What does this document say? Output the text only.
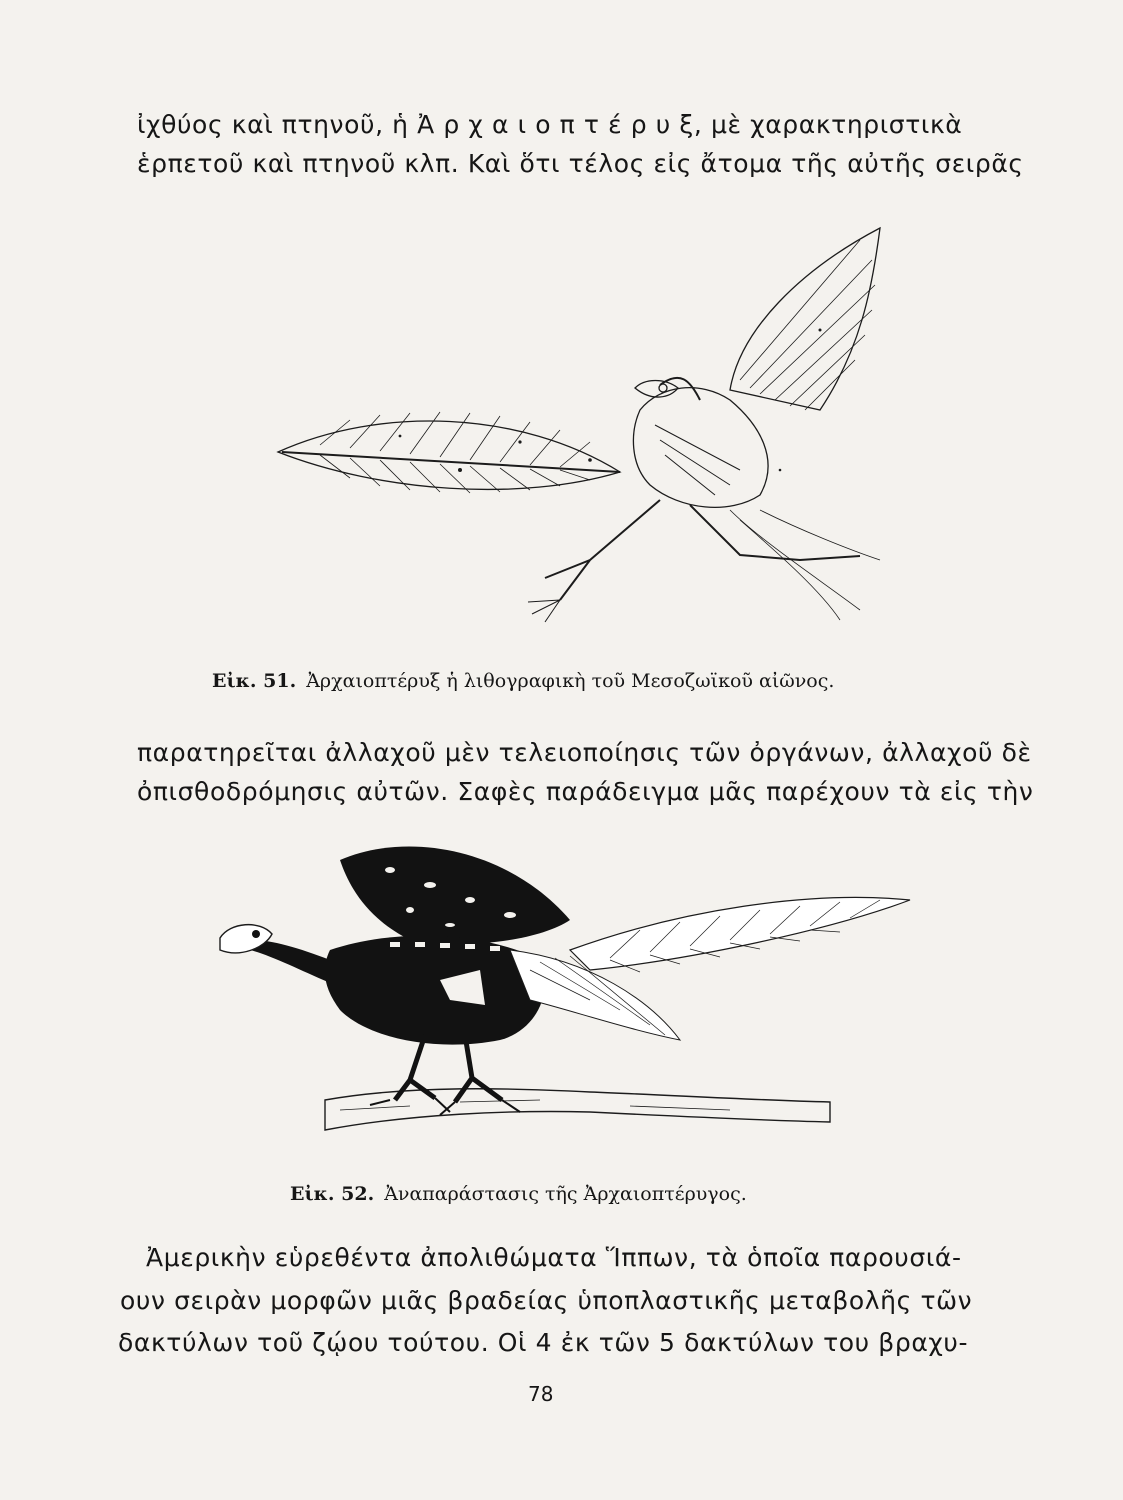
ἰχθύος καὶ πτηνοῦ, ἡ Ἀ ρ χ α ι ο π τ έ ρ υ ξ, μὲ χαρακτηριστικὰ
ἑρπετοῦ καὶ πτηνοῦ κλπ. Καὶ ὅτι τέλος εἰς ἄτομα τῆς αὐτῆς σειρᾶς
Εἰκ. 51. Ἀρχαιοπτέρυξ ἡ λιθογραφικὴ τοῦ Μεσοζωϊκοῦ αἰῶνος.
παρατηρεῖται ἀλλαχοῦ μὲν τελειοποίησις τῶν ὀργάνων, ἀλλαχοῦ δὲ
ὀπισθοδρόμησις αὐτῶν. Σαφὲς παράδειγμα μᾶς παρέχουν τὰ εἰς τὴν
Εἰκ. 52. Ἀναπαράστασις τῆς Ἀρχαιοπτέρυγος.
Ἀμερικὴν εὑρεθέντα ἀπολιθώματα Ἵππων, τὰ ὁποῖα παρουσιά-
ουν σειρὰν μορφῶν μιᾶς βραδείας ὑποπλαστικῆς μεταβολῆς τῶν
δακτύλων τοῦ ζῴου τούτου. Οἱ 4 ἐκ τῶν 5 δακτύλων του βραχυ-
78
